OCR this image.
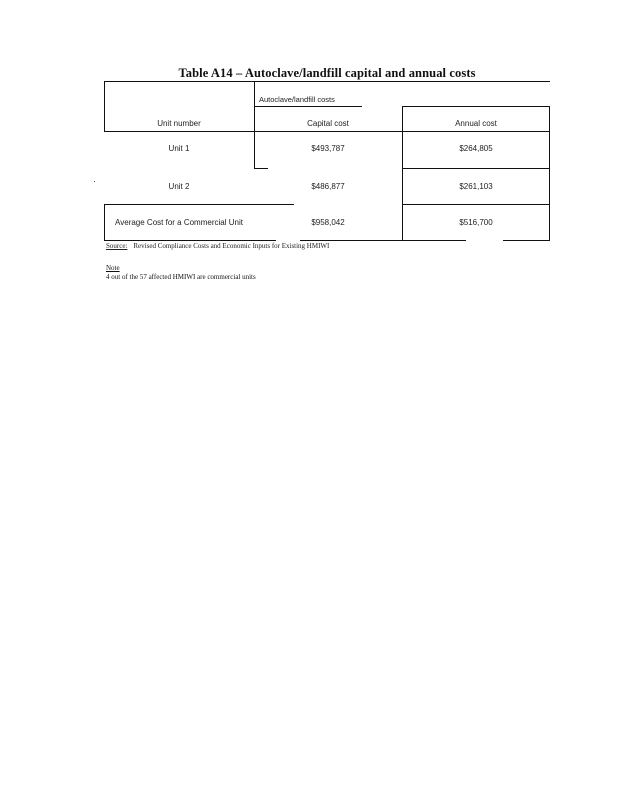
Table A14 – Autoclave/landfill capital and annual costs
Autoclave/landfill costs
Unit number	Capital cost	Annual cost
Unit 1	$493,787	$264,805
Unit 2	$486,877	$261,103
Average Cost for a Commercial Unit	$958,042	$516,700
Source: Revised Compliance Costs and Economic Inputs for Existing HMIWI
Note
4 out of the 57 affected HMIWI are commercial units
